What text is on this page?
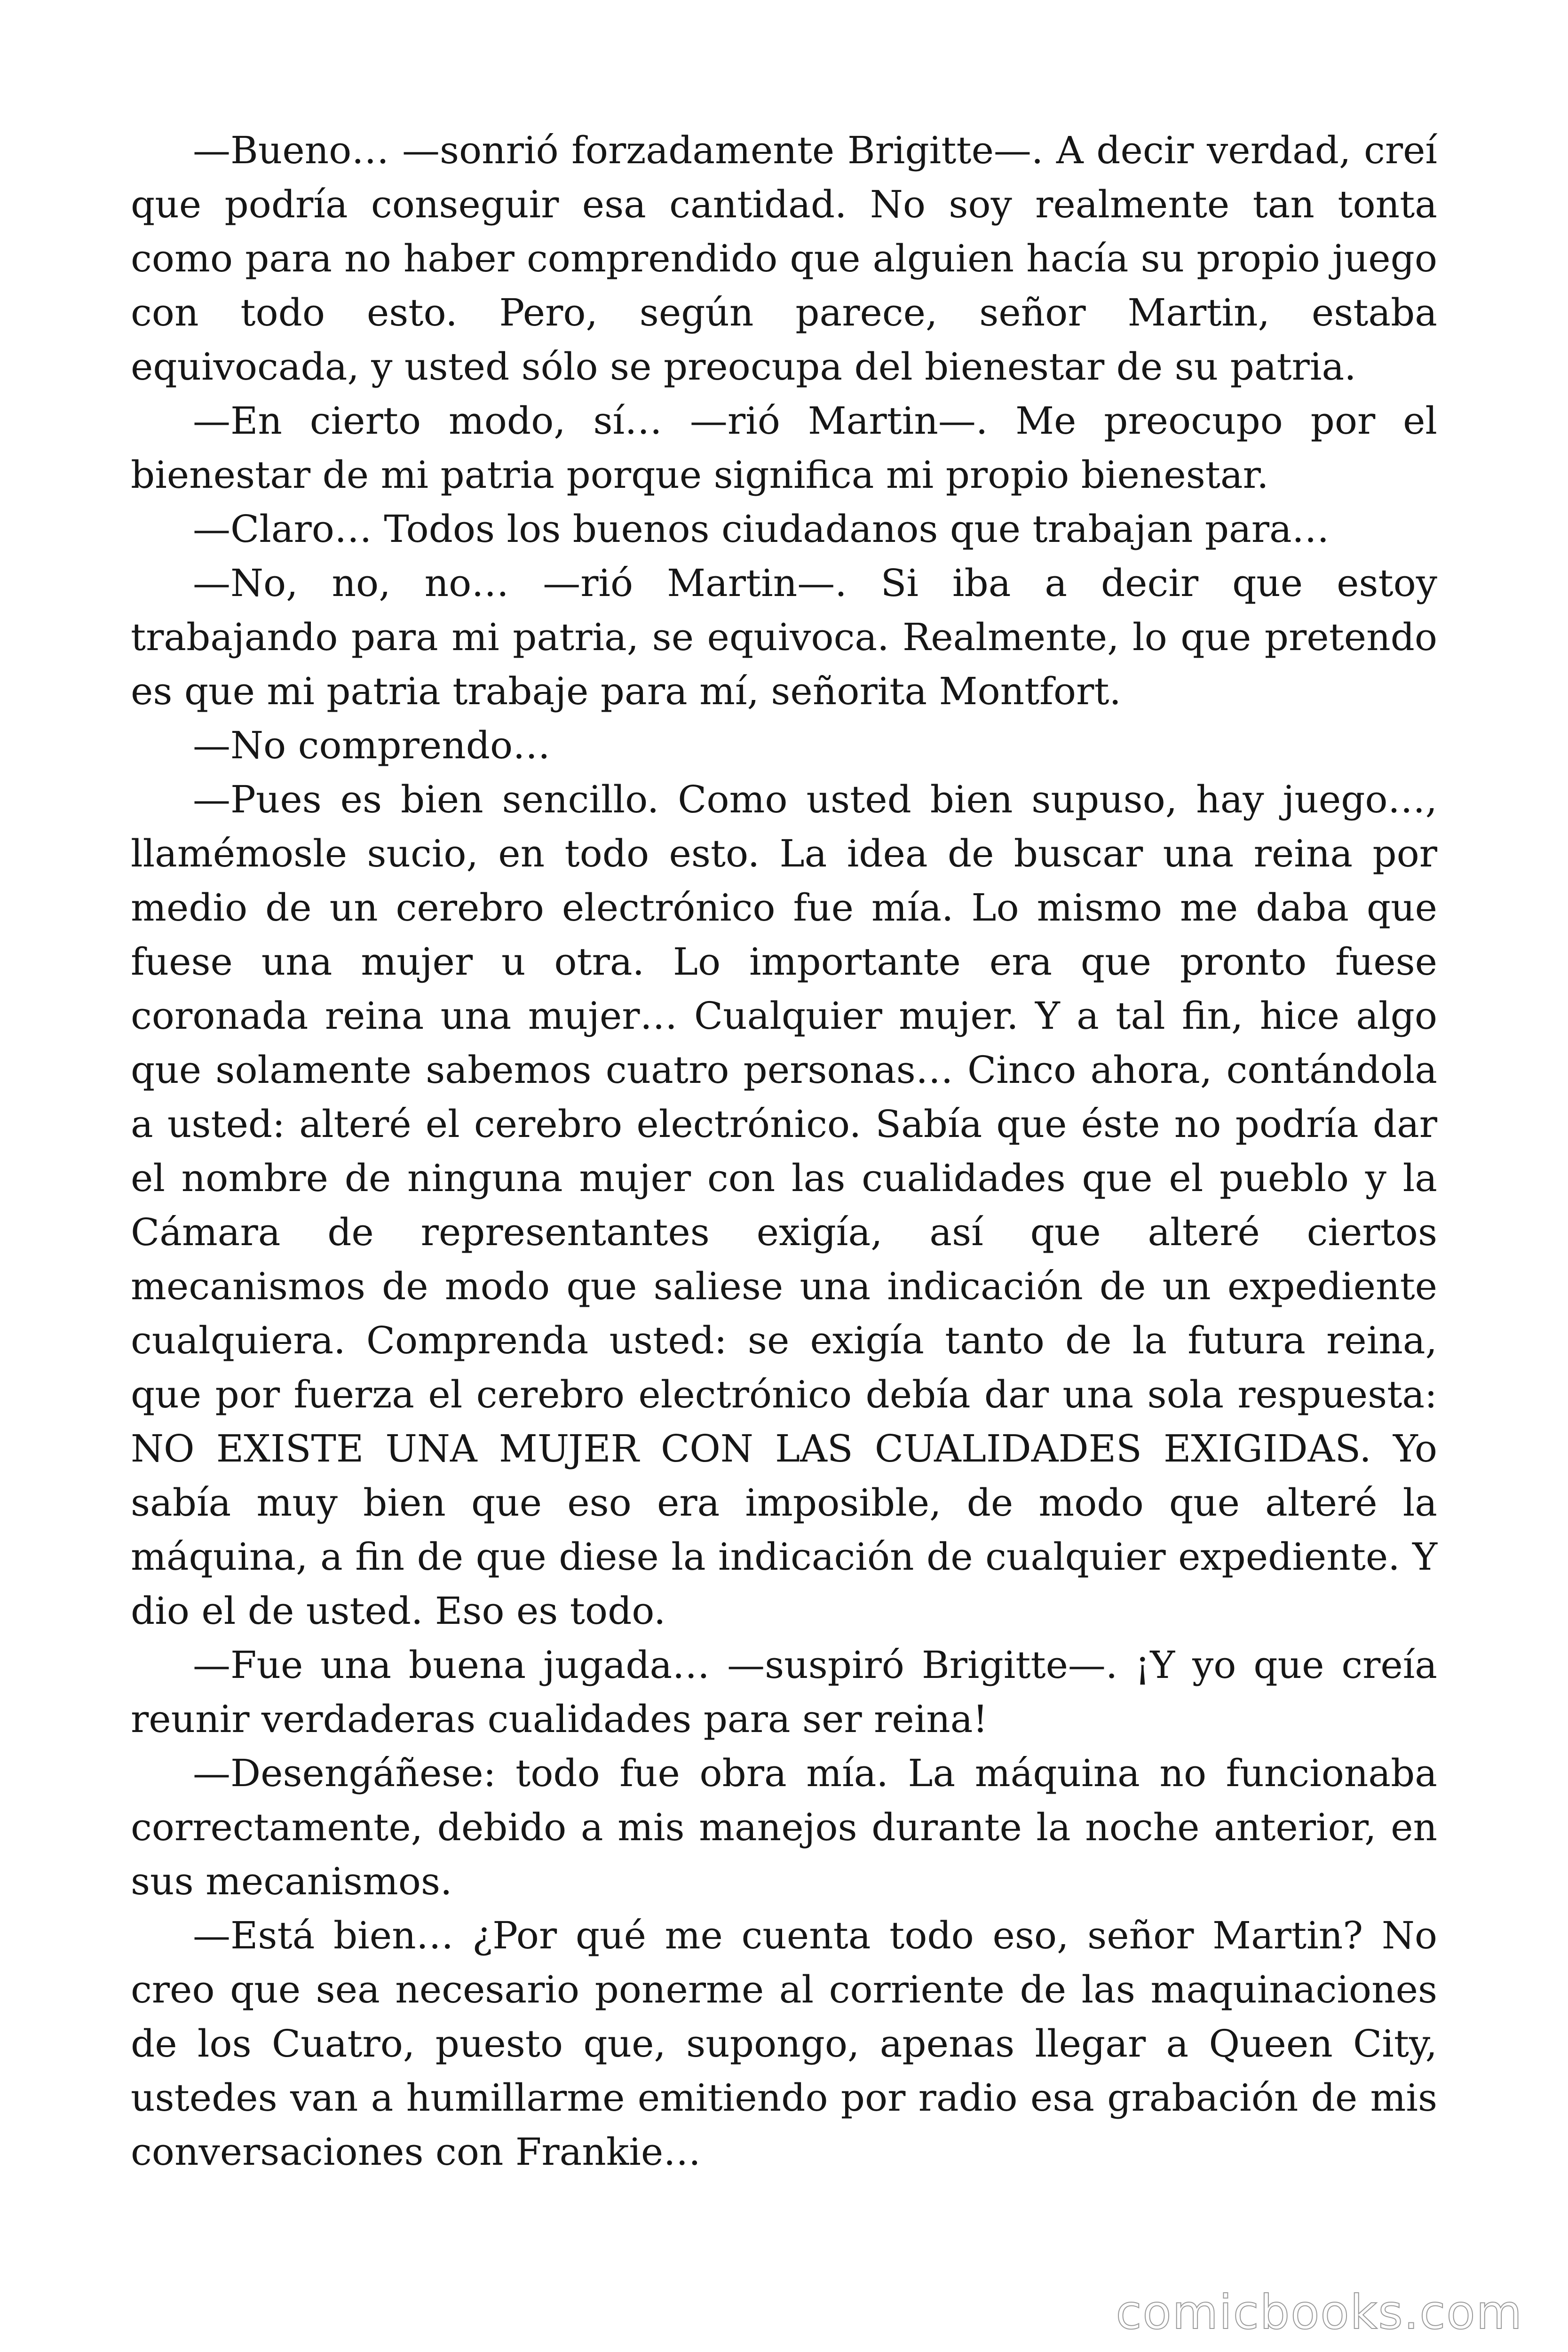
—Bueno… —sonrió forzadamente Brigitte—. A decir verdad, creí que podría conseguir esa cantidad. No soy realmente tan tonta como para no haber comprendido que alguien hacía su propio juego con todo esto. Pero, según parece, señor Martin, estaba equivocada, y usted sólo se preocupa del bienestar de su patria.

—En cierto modo, sí… —rió Martin—. Me preocupo por el bienestar de mi patria porque significa mi propio bienestar.

—Claro… Todos los buenos ciudadanos que trabajan para…

—No, no, no… —rió Martin—. Si iba a decir que estoy trabajando para mi patria, se equivoca. Realmente, lo que pretendo es que mi patria trabaje para mí, señorita Montfort.

—No comprendo…

—Pues es bien sencillo. Como usted bien supuso, hay juego…, llamémosle sucio, en todo esto. La idea de buscar una reina por medio de un cerebro electrónico fue mía. Lo mismo me daba que fuese una mujer u otra. Lo importante era que pronto fuese coronada reina una mujer… Cualquier mujer. Y a tal fin, hice algo que solamente sabemos cuatro personas… Cinco ahora, contándola a usted: alteré el cerebro electrónico. Sabía que éste no podría dar el nombre de ninguna mujer con las cualidades que el pueblo y la Cámara de representantes exigía, así que alteré ciertos mecanismos de modo que saliese una indicación de un expediente cualquiera. Comprenda usted: se exigía tanto de la futura reina, que por fuerza el cerebro electrónico debía dar una sola respuesta: NO EXISTE UNA MUJER CON LAS CUALIDADES EXIGIDAS. Yo sabía muy bien que eso era imposible, de modo que alteré la máquina, a fin de que diese la indicación de cualquier expediente. Y dio el de usted. Eso es todo.

—Fue una buena jugada… —suspiró Brigitte—. ¡Y yo que creía reunir verdaderas cualidades para ser reina!

—Desengáñese: todo fue obra mía. La máquina no funcionaba correctamente, debido a mis manejos durante la noche anterior, en sus mecanismos.

—Está bien… ¿Por qué me cuenta todo eso, señor Martin? No creo que sea necesario ponerme al corriente de las maquinaciones de los Cuatro, puesto que, supongo, apenas llegar a Queen City, ustedes van a humillarme emitiendo por radio esa grabación de mis conversaciones con Frankie…

comicbooks.com
